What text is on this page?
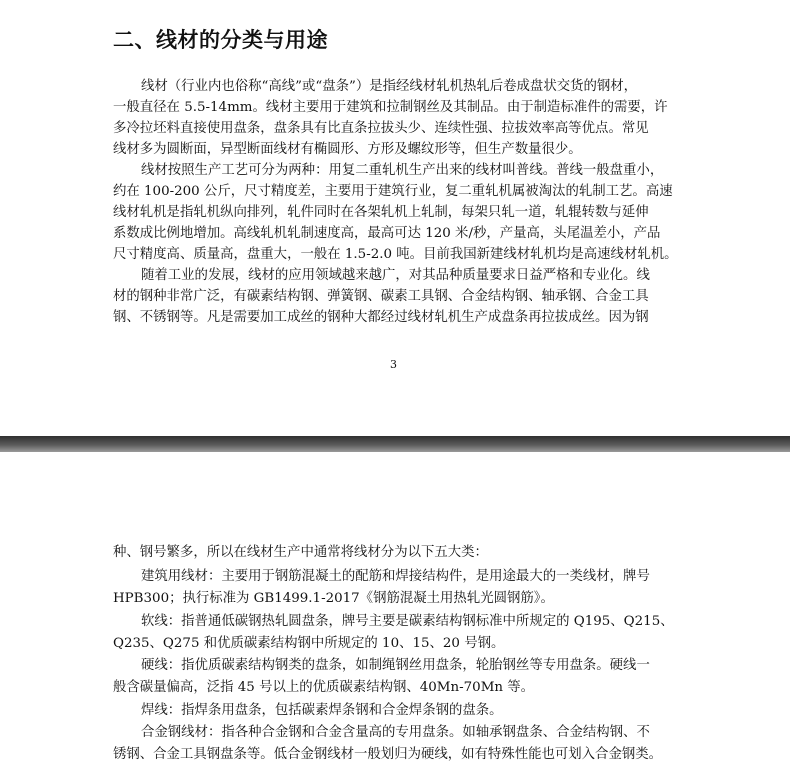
二、线材的分类与用途
线材（行业内也俗称“高线”或“盘条”）是指经线材轧机热轧后卷成盘状交货的钢材，
一般直径在 5.5-14mm。线材主要用于建筑和拉制钢丝及其制品。由于制造标准件的需要，许
多冷拉坯料直接使用盘条，盘条具有比直条拉拔头少、连续性强、拉拔效率高等优点。常见
线材多为圆断面，异型断面线材有椭圆形、方形及螺纹形等，但生产数量很少。
线材按照生产工艺可分为两种：用复二重轧机生产出来的线材叫普线。普线一般盘重小，
约在 100-200 公斤，尺寸精度差，主要用于建筑行业，复二重轧机属被淘汰的轧制工艺。高速
线材轧机是指轧机纵向排列，轧件同时在各架轧机上轧制，每架只轧一道，轧辊转数与延伸
系数成比例地增加。高线轧机轧制速度高，最高可达 120 米/秒，产量高，头尾温差小，产品
尺寸精度高、质量高，盘重大，一般在 1.5-2.0 吨。目前我国新建线材轧机均是高速线材轧机。
随着工业的发展，线材的应用领域越来越广，对其品种质量要求日益严格和专业化。线
材的钢种非常广泛，有碳素结构钢、弹簧钢、碳素工具钢、合金结构钢、轴承钢、合金工具
钢、不锈钢等。凡是需要加工成丝的钢种大都经过线材轧机生产成盘条再拉拔成丝。因为钢
3
种、钢号繁多，所以在线材生产中通常将线材分为以下五大类：
建筑用线材：主要用于钢筋混凝土的配筋和焊接结构件，是用途最大的一类线材，牌号
HPB300；执行标准为 GB1499.1-2017《钢筋混凝土用热轧光圆钢筋》。
软线：指普通低碳钢热轧圆盘条，牌号主要是碳素结构钢标准中所规定的 Q195、Q215、
Q235、Q275 和优质碳素结构钢中所规定的 10、15、20 号钢。
硬线：指优质碳素结构钢类的盘条，如制绳钢丝用盘条，轮胎钢丝等专用盘条。硬线一
般含碳量偏高，泛指 45 号以上的优质碳素结构钢、40Mn-70Mn 等。
焊线：指焊条用盘条，包括碳素焊条钢和合金焊条钢的盘条。
合金钢线材：指各种合金钢和合金含量高的专用盘条。如轴承钢盘条、合金结构钢、不
锈钢、合金工具钢盘条等。低合金钢线材一般划归为硬线，如有特殊性能也可划入合金钢类。
